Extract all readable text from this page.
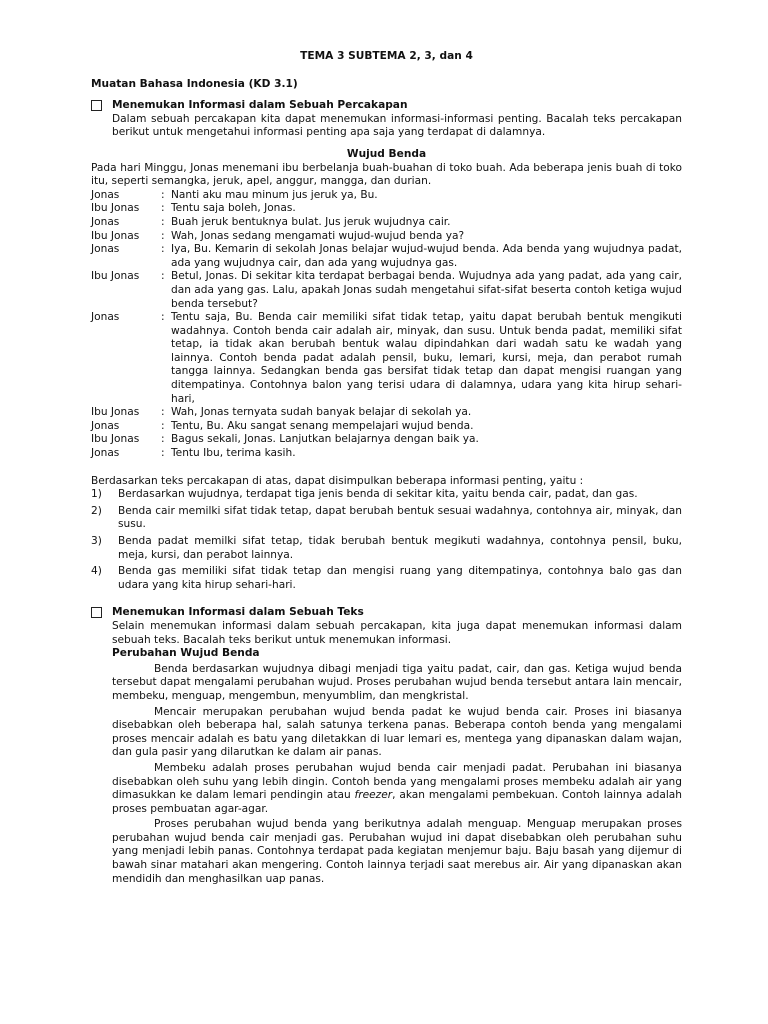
TEMA 3 SUBTEMA 2, 3, dan 4
Muatan Bahasa Indonesia (KD 3.1)
Menemukan Informasi dalam Sebuah Percakapan

Dalam sebuah percakapan kita dapat menemukan informasi-informasi penting. Bacalah teks percakapan berikut untuk mengetahui informasi penting apa saja yang terdapat di dalamnya.

Wujud Benda

Pada hari Minggu, Jonas menemani ibu berbelanja buah-buahan di toko buah. Ada beberapa jenis buah di toko itu, seperti semangka, jeruk, apel, anggur, mangga, dan durian.

Jonas	: Nanti aku mau minum jus jeruk ya, Bu.
Ibu Jonas	: Tentu saja boleh, Jonas.
Jonas	: Buah jeruk bentuknya bulat. Jus jeruk wujudnya cair.
Ibu Jonas	: Wah, Jonas sedang mengamati wujud-wujud benda ya?
Jonas	: Iya, Bu. Kemarin di sekolah Jonas belajar wujud-wujud benda. Ada benda yang wujudnya padat, ada yang wujudnya cair, dan ada yang wujudnya gas.
Ibu Jonas	: Betul, Jonas. Di sekitar kita terdapat berbagai benda. Wujudnya ada yang padat, ada yang cair, dan ada yang gas. Lalu, apakah Jonas sudah mengetahui sifat-sifat beserta contoh ketiga wujud benda tersebut?
Jonas	: Tentu saja, Bu. Benda cair memiliki sifat tidak tetap, yaitu dapat berubah bentuk mengikuti wadahnya. Contoh benda cair adalah air, minyak, dan susu. Untuk benda padat, memiliki sifat tetap, ia tidak akan berubah bentuk walau dipindahkan dari wadah satu ke wadah yang lainnya. Contoh benda padat adalah pensil, buku, lemari, kursi, meja, dan perabot rumah tangga lainnya. Sedangkan benda gas bersifat tidak tetap dan dapat mengisi ruangan yang ditempatinya. Contohnya balon yang terisi udara di dalamnya, udara yang kita hirup sehari-hari,
Ibu Jonas	: Wah, Jonas ternyata sudah banyak belajar di sekolah ya.
Jonas	: Tentu, Bu. Aku sangat senang mempelajari wujud benda.
Ibu Jonas	: Bagus sekali, Jonas. Lanjutkan belajarnya dengan baik ya.
Jonas	: Tentu Ibu, terima kasih.

Berdasarkan teks percakapan di atas, dapat disimpulkan beberapa informasi penting, yaitu :

1)	Berdasarkan wujudnya, terdapat tiga jenis benda di sekitar kita, yaitu benda cair, padat, dan gas.
2)	Benda cair memilki sifat tidak tetap, dapat berubah bentuk sesuai wadahnya, contohnya air, minyak, dan susu.
3)	Benda padat memilki sifat tetap, tidak berubah bentuk megikuti wadahnya, contohnya pensil, buku, meja, kursi, dan perabot lainnya.
4)	Benda gas memiliki sifat tidak tetap dan mengisi ruang yang ditempatinya, contohnya balo gas dan udara yang kita hirup sehari-hari.
Menemukan Informasi dalam Sebuah Teks

Selain menemukan informasi dalam sebuah percakapan, kita juga dapat menemukan informasi dalam sebuah teks. Bacalah teks berikut untuk menemukan informasi.

Perubahan Wujud Benda

Benda berdasarkan wujudnya dibagi menjadi tiga yaitu padat, cair, dan gas. Ketiga wujud benda tersebut dapat mengalami perubahan wujud. Proses perubahan wujud benda tersebut antara lain mencair, membeku, menguap, mengembun, menyumblim, dan mengkristal.

Mencair merupakan perubahan wujud benda padat ke wujud benda cair. Proses ini biasanya disebabkan oleh beberapa hal, salah satunya terkena panas. Beberapa contoh benda yang mengalami proses mencair adalah es batu yang diletakkan di luar lemari es, mentega yang dipanaskan dalam wajan, dan gula pasir yang dilarutkan ke dalam air panas.

Membeku adalah proses perubahan wujud benda cair menjadi padat. Perubahan ini biasanya disebabkan oleh suhu yang lebih dingin. Contoh benda yang mengalami proses membeku adalah air yang dimasukkan ke dalam lemari pendingin atau freezer, akan mengalami pembekuan. Contoh lainnya adalah proses pembuatan agar-agar.

Proses perubahan wujud benda yang berikutnya adalah menguap. Menguap merupakan proses perubahan wujud benda cair menjadi gas. Perubahan wujud ini dapat disebabkan oleh perubahan suhu yang menjadi lebih panas. Contohnya terdapat pada kegiatan menjemur baju. Baju basah yang dijemur di bawah sinar matahari akan mengering. Contoh lainnya terjadi saat merebus air. Air yang dipanaskan akan mendidih dan menghasilkan uap panas.
